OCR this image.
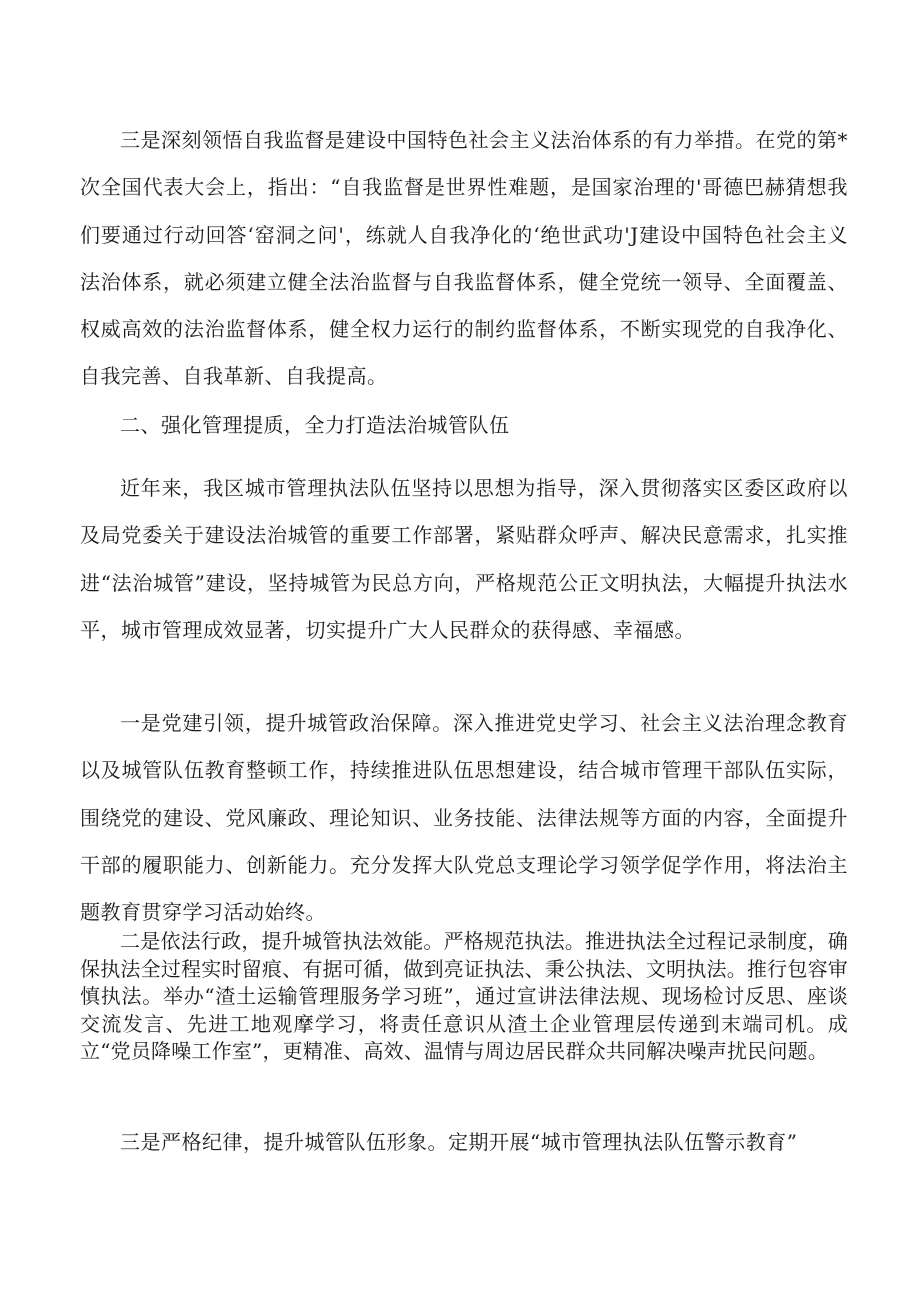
三是深刻领悟自我监督是建设中国特色社会主义法治体系的有力举措。在党的第*次全国代表大会上，指出：“自我监督是世界性难题，是国家治理的'哥德巴赫猜想我们要通过行动回答‘窑洞之问'，练就人自我净化的‘绝世武功'J建设中国特色社会主义法治体系，就必须建立健全法治监督与自我监督体系，健全党统一领导、全面覆盖、权威高效的法治监督体系，健全权力运行的制约监督体系，不断实现党的自我净化、自我完善、自我革新、自我提高。

二、强化管理提质，全力打造法治城管队伍

近年来，我区城市管理执法队伍坚持以思想为指导，深入贯彻落实区委区政府以及局党委关于建设法治城管的重要工作部署，紧贴群众呼声、解决民意需求，扎实推进“法治城管”建设，坚持城管为民总方向，严格规范公正文明执法，大幅提升执法水平，城市管理成效显著，切实提升广大人民群众的获得感、幸福感。

一是党建引领，提升城管政治保障。深入推进党史学习、社会主义法治理念教育以及城管队伍教育整顿工作，持续推进队伍思想建设，结合城市管理干部队伍实际，围绕党的建设、党风廉政、理论知识、业务技能、法律法规等方面的内容，全面提升干部的履职能力、创新能力。充分发挥大队党总支理论学习领学促学作用，将法治主题教育贯穿学习活动始终。

二是依法行政，提升城管执法效能。严格规范执法。推进执法全过程记录制度，确保执法全过程实时留痕、有据可循，做到亮证执法、秉公执法、文明执法。推行包容审慎执法。举办“渣土运输管理服务学习班”，通过宣讲法律法规、现场检讨反思、座谈交流发言、先进工地观摩学习，将责任意识从渣土企业管理层传递到末端司机。成立“党员降噪工作室”，更精准、高效、温情与周边居民群众共同解决噪声扰民问题。

三是严格纪律，提升城管队伍形象。定期开展“城市管理执法队伍警示教育”
